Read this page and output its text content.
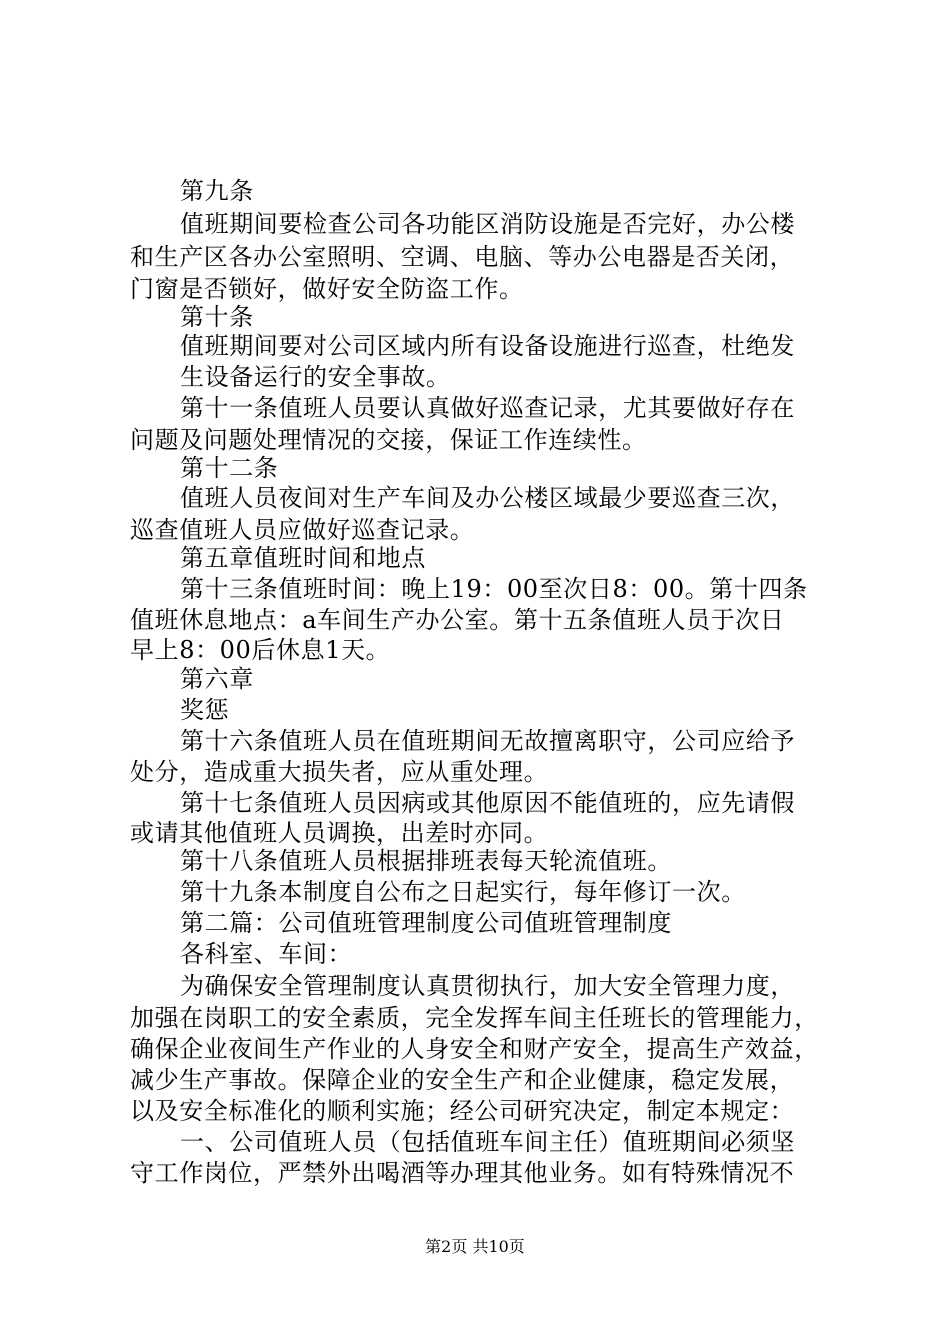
第九条
值班期间要检查公司各功能区消防设施是否完好，办公楼
和生产区各办公室照明、空调、电脑、等办公电器是否关闭，
门窗是否锁好，做好安全防盗工作。
第十条
值班期间要对公司区域内所有设备设施进行巡查，杜绝发
生设备运行的安全事故。
第十一条值班人员要认真做好巡查记录，尤其要做好存在
问题及问题处理情况的交接，保证工作连续性。
第十二条
值班人员夜间对生产车间及办公楼区域最少要巡查三次，
巡查值班人员应做好巡查记录。
第五章值班时间和地点
第十三条值班时间：晚上19：00至次日8：00。第十四条
值班休息地点：a车间生产办公室。第十五条值班人员于次日
早上8：00后休息1天。
第六章
奖惩
第十六条值班人员在值班期间无故擅离职守，公司应给予
处分，造成重大损失者，应从重处理。
第十七条值班人员因病或其他原因不能值班的，应先请假
或请其他值班人员调换，出差时亦同。
第十八条值班人员根据排班表每天轮流值班。
第十九条本制度自公布之日起实行，每年修订一次。
第二篇：公司值班管理制度公司值班管理制度
各科室、车间：
为确保安全管理制度认真贯彻执行，加大安全管理力度，
加强在岗职工的安全素质，完全发挥车间主任班长的管理能力，
确保企业夜间生产作业的人身安全和财产安全，提高生产效益，
减少生产事故。保障企业的安全生产和企业健康，稳定发展，
以及安全标准化的顺利实施；经公司研究决定，制定本规定：
一、公司值班人员（包括值班车间主任）值班期间必须坚
守工作岗位，严禁外出喝酒等办理其他业务。如有特殊情况不
第2页 共10页
